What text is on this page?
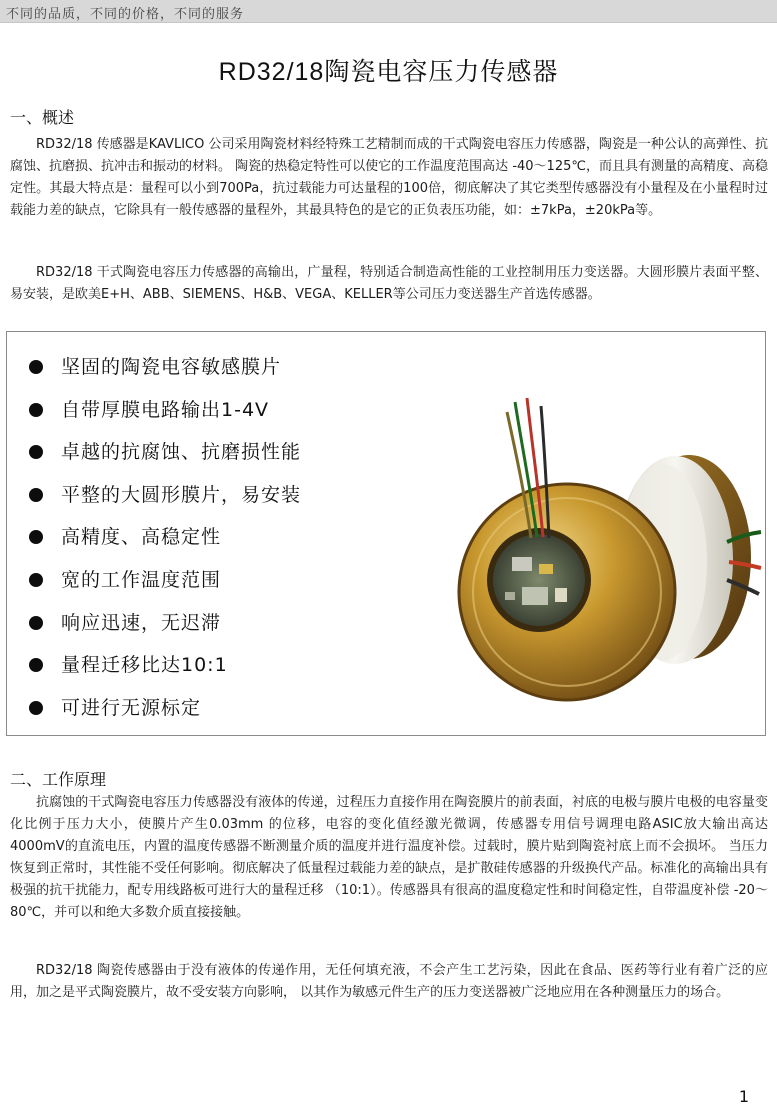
不同的品质，不同的价格，不同的服务
RD32/18陶瓷电容压力传感器
一、概述

RD32/18 传感器是KAVLICO 公司采用陶瓷材料经特殊工艺精制而成的干式陶瓷电容压力传感器，陶瓷是一种公认的高弹性、抗腐蚀、抗磨损、抗冲击和振动的材料。 陶瓷的热稳定特性可以使它的工作温度范围高达 -40～125℃，而且具有测量的高精度、高稳定性。其最大特点是：量程可以小到700Pa，抗过载能力可达量程的100倍，彻底解决了其它类型传感器没有小量程及在小量程时过载能力差的缺点，它除具有一般传感器的量程外，其最具特色的是它的正负表压功能，如：±7kPa，±20kPa等。

RD32/18 干式陶瓷电容压力传感器的高输出，广量程，特别适合制造高性能的工业控制用压力变送器。大圆形膜片表面平整、易安装，是欧美E+H、ABB、SIEMENS、H&B、VEGA、KELLER等公司压力变送器生产首选传感器。

坚固的陶瓷电容敏感膜片
自带厚膜电路输出1-4V
卓越的抗腐蚀、抗磨损性能
平整的大圆形膜片，易安装
高精度、高稳定性
宽的工作温度范围
响应迅速，无迟滞
量程迁移比达10:1
可进行无源标定
二、工作原理

抗腐蚀的干式陶瓷电容压力传感器没有液体的传递，过程压力直接作用在陶瓷膜片的前表面，衬底的电极与膜片电极的电容量变化比例于压力大小，使膜片产生0.03mm 的位移，电容的变化值经激光微调，传感器专用信号调理电路ASIC放大输出高达 4000mV的直流电压，内置的温度传感器不断测量介质的温度并进行温度补偿。过载时，膜片贴到陶瓷衬底上而不会损坏。 当压力恢复到正常时，其性能不受任何影响。彻底解决了低量程过载能力差的缺点，是扩散硅传感器的升级换代产品。标准化的高输出具有极强的抗干扰能力，配专用线路板可进行大的量程迁移 （10:1）。传感器具有很高的温度稳定性和时间稳定性，自带温度补偿 -20～80℃，并可以和绝大多数介质直接接触。

RD32/18 陶瓷传感器由于没有液体的传递作用，无任何填充液，不会产生工艺污染，因此在食品、医药等行业有着广泛的应用，加之是平式陶瓷膜片，故不受安装方向影响， 以其作为敏感元件生产的压力变送器被广泛地应用在各种测量压力的场合。

1
